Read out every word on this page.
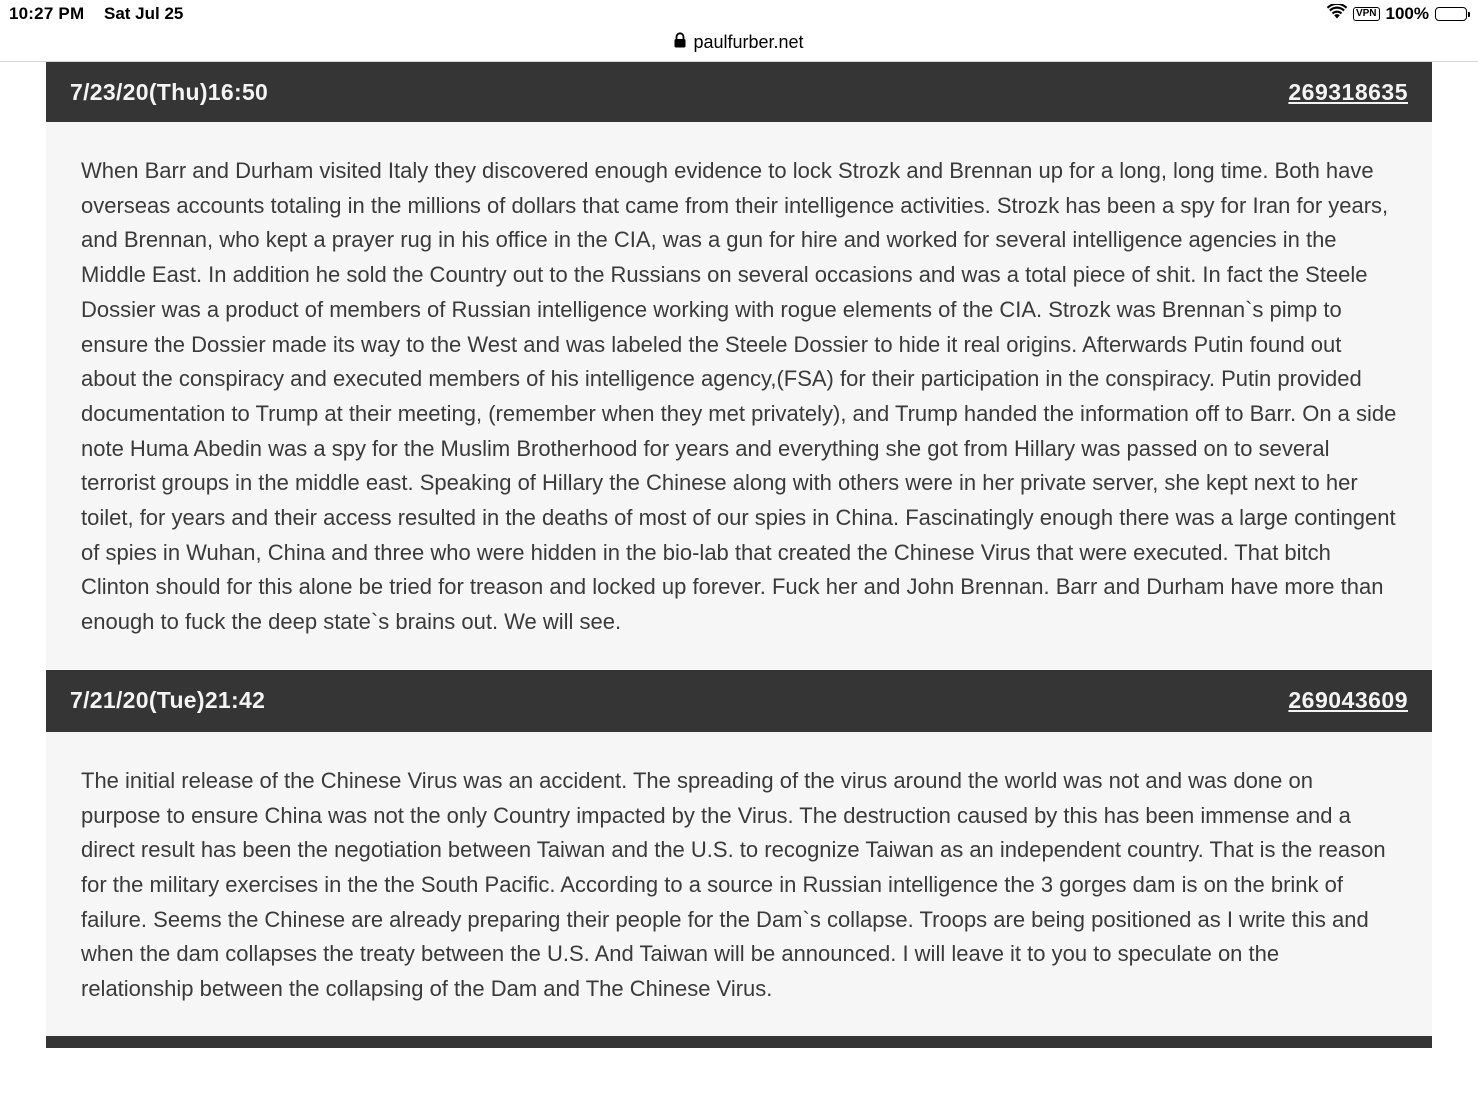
10:27 PM Sat Jul 25	VPN 100%
paulfurber.net
7/23/20(Thu)16:50	269318635
When Barr and Durham visited Italy they discovered enough evidence to lock Strozk and Brennan up for a long, long time. Both have overseas accounts totaling in the millions of dollars that came from their intelligence activities. Strozk has been a spy for Iran for years, and Brennan, who kept a prayer rug in his office in the CIA, was a gun for hire and worked for several intelligence agencies in the Middle East. In addition he sold the Country out to the Russians on several occasions and was a total piece of shit. In fact the Steele Dossier was a product of members of Russian intelligence working with rogue elements of the CIA. Strozk was Brennan`s pimp to ensure the Dossier made its way to the West and was labeled the Steele Dossier to hide it real origins. Afterwards Putin found out about the conspiracy and executed members of his intelligence agency,(FSA) for their participation in the conspiracy. Putin provided documentation to Trump at their meeting, (remember when they met privately), and Trump handed the information off to Barr. On a side note Huma Abedin was a spy for the Muslim Brotherhood for years and everything she got from Hillary was passed on to several terrorist groups in the middle east. Speaking of Hillary the Chinese along with others were in her private server, she kept next to her toilet, for years and their access resulted in the deaths of most of our spies in China. Fascinatingly enough there was a large contingent of spies in Wuhan, China and three who were hidden in the bio-lab that created the Chinese Virus that were executed. That bitch Clinton should for this alone be tried for treason and locked up forever. Fuck her and John Brennan. Barr and Durham have more than enough to fuck the deep state`s brains out. We will see.
7/21/20(Tue)21:42	269043609
The initial release of the Chinese Virus was an accident. The spreading of the virus around the world was not and was done on purpose to ensure China was not the only Country impacted by the Virus. The destruction caused by this has been immense and a direct result has been the negotiation between Taiwan and the U.S. to recognize Taiwan as an independent country. That is the reason for the military exercises in the the South Pacific. According to a source in Russian intelligence the 3 gorges dam is on the brink of failure. Seems the Chinese are already preparing their people for the Dam`s collapse. Troops are being positioned as I write this and when the dam collapses the treaty between the U.S. And Taiwan will be announced. I will leave it to you to speculate on the relationship between the collapsing of the Dam and The Chinese Virus.
